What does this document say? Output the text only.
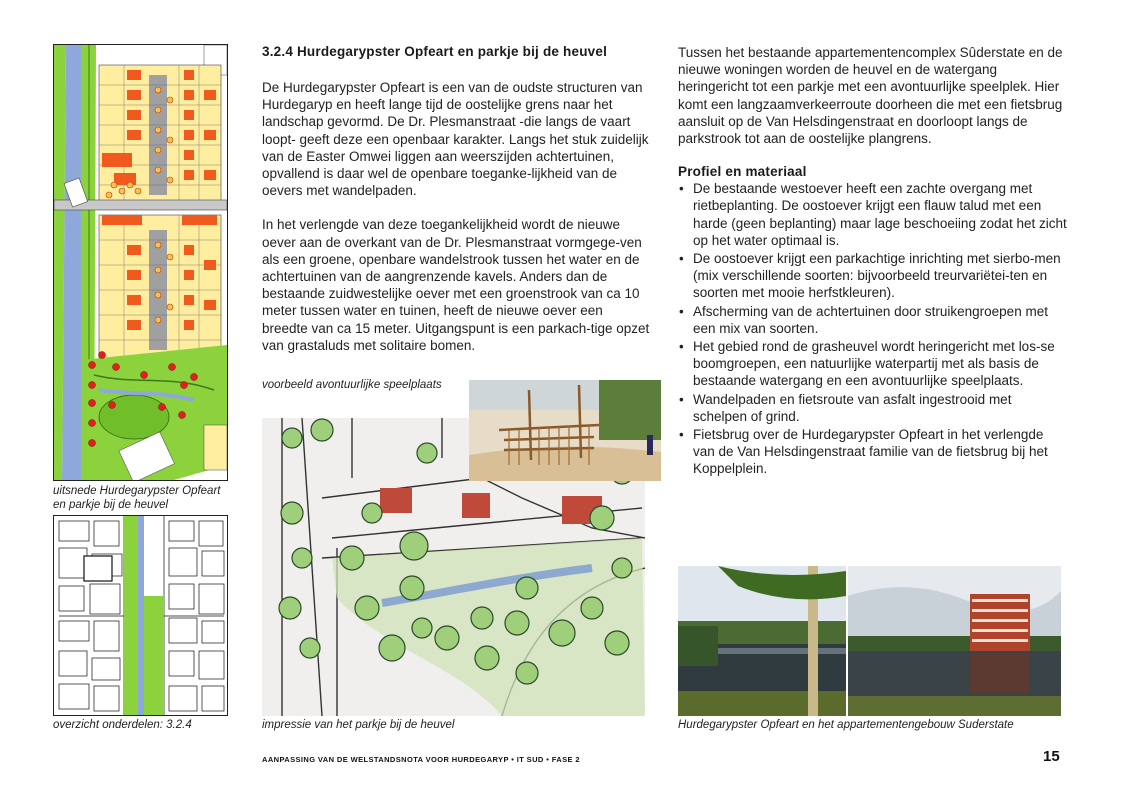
uitsnede Hurdegarypster Opfeart
en parkje bij de heuvel
overzicht onderdelen: 3.2.4
3.2.4 Hurdegarypster Opfeart en parkje bij de heuvel

De Hurdegarypster Opfeart is een van de oudste structuren van Hurdegaryp en heeft lange tijd de oostelijke grens naar het landschap gevormd. De Dr. Plesmanstraat -die langs de vaart loopt- geeft deze een openbaar karakter. Langs het stuk zuidelijk van de Easter Omwei liggen aan weerszijden achtertuinen, opvallend is daar wel de openbare toeganke-lijkheid van de oevers met wandelpaden.

In het verlengde van deze toegankelijkheid wordt de nieuwe oever aan de overkant van de Dr. Plesmanstraat vormgege-ven als een groene, openbare wandelstrook tussen het water en de achtertuinen van de aangrenzende kavels. Anders dan de bestaande zuidwestelijke oever met een groenstrook van ca 10 meter tussen water en tuinen, heeft de nieuwe oever een breedte van ca 15 meter. Uitgangspunt is een parkach-tige opzet van grastaluds met solitaire bomen.

voorbeeld avontuurlijke speelplaats
impressie van het parkje bij de heuvel

Tussen het bestaande appartementencomplex Sûderstate en de nieuwe woningen worden de heuvel en de watergang heringericht tot een parkje met een avontuurlijke speelplek. Hier komt een langzaamverkeerroute doorheen die met een fietsbrug aansluit op de Van Helsdingenstraat en doorloopt langs de parkstrook tot aan de oostelijke plangrens.

Profiel en materiaal
• De bestaande westoever heeft een zachte overgang met rietbeplanting. De oostoever krijgt een flauw talud met een harde (geen beplanting) maar lage beschoeiing zodat het zicht op het water optimaal is.
• De oostoever krijgt een parkachtige inrichting met sierbo-men (mix verschillende soorten: bijvoorbeeld treurvariëtei-ten en soorten met mooie herfstkleuren).
• Afscherming van de achtertuinen door struikengroepen met een mix van soorten.
• Het gebied rond de grasheuvel wordt heringericht met los-se boomgroepen, een natuurlijke waterpartij met als basis de bestaande watergang en een avontuurlijke speelplaats.
• Wandelpaden en fietsroute van asfalt ingestrooid met schelpen of grind.
• Fietsbrug over de Hurdegarypster Opfeart in het verlengde van de Van Helsdingenstraat familie van de fietsbrug bij het Koppelplein.
Hurdegarypster Opfeart en het appartementengebouw Suderstate
AANPASSING VAN DE WELSTANDSNOTA VOOR HURDEGARYP • IT SUD • FASE 2	15
